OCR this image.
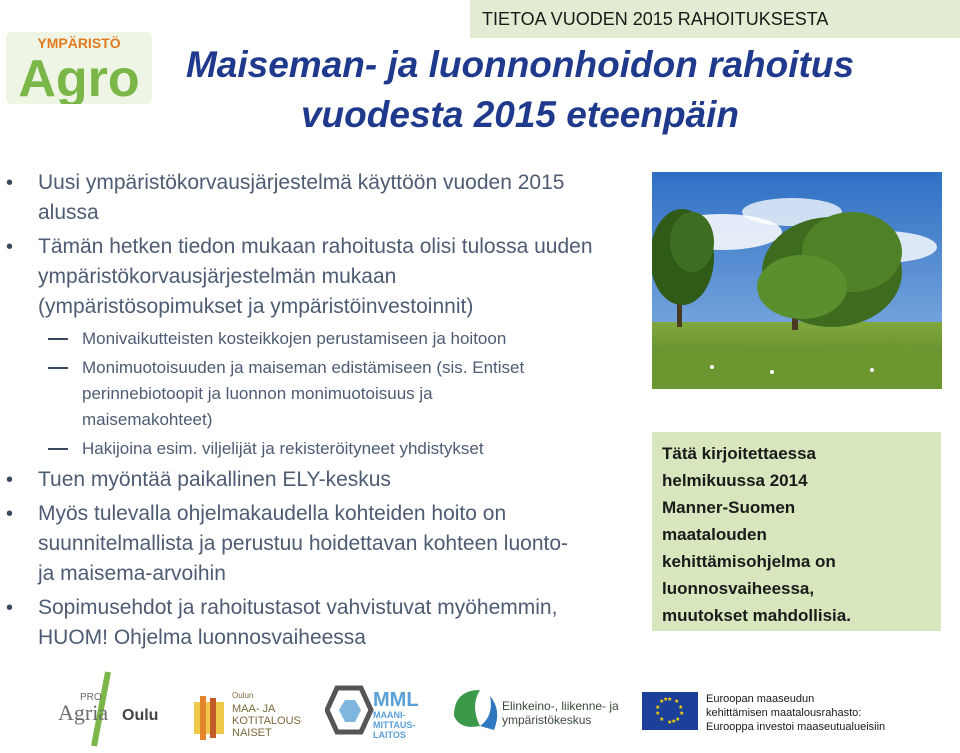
TIETOA VUODEN 2015 RAHOITUKSESTA
YMPÄRISTÖ
Agro	Maiseman- ja luonnonhoidon rahoitus
vuodesta 2015 eteenpäin
• Uusi ympäristökorvausjärjestelmä käyttöön vuoden 2015
alussa
• Tämän hetken tiedon mukaan rahoitusta olisi tulossa uuden
ympäristökorvausjärjestelmän mukaan
(ympäristösopimukset ja ympäristöinvestoinnit)
Monivaikutteisten kosteikkojen perustamiseen ja hoitoon
Monimuotoisuuden ja maiseman edistämiseen (sis. Entiset
perinnebiotoopit ja luonnon monimuotoisuus ja
maisemakohteet)
Hakijoina esim. viljelijät ja rekisteröityneet yhdistykset
• Tuen myöntää paikallinen ELY-keskus
• Myös tulevalla ohjelmakaudella kohteiden hoito on
suunnitelmallista ja perustuu hoidettavan kohteen luonto-
ja maisema-arvoihin
• Sopimusehdot ja rahoitustasot vahvistuvat myöhemmin,
HUOM! Ohjelma luonnosvaiheessa
Tätä kirjoitettaessa
helmikuussa 2014
Manner-Suomen
maatalouden
kehittämisohjelma on
luonnosvaiheessa,
muutokset mahdollisia.
PRO
Agria Oulu
Oulun
MAA- JA
KOTITALOUS-
NAISET
MML
MAANI-
MITTAUS-
LAITOS
Elinkeino-, liikenne- ja
ympäristökeskus
★ ★
★
★
★
★
★
★
★
★
★
★
Euroopan maaseudun
kehittämisen maatalousrahasto:
Eurooppa investoi maaseutualueisiin
